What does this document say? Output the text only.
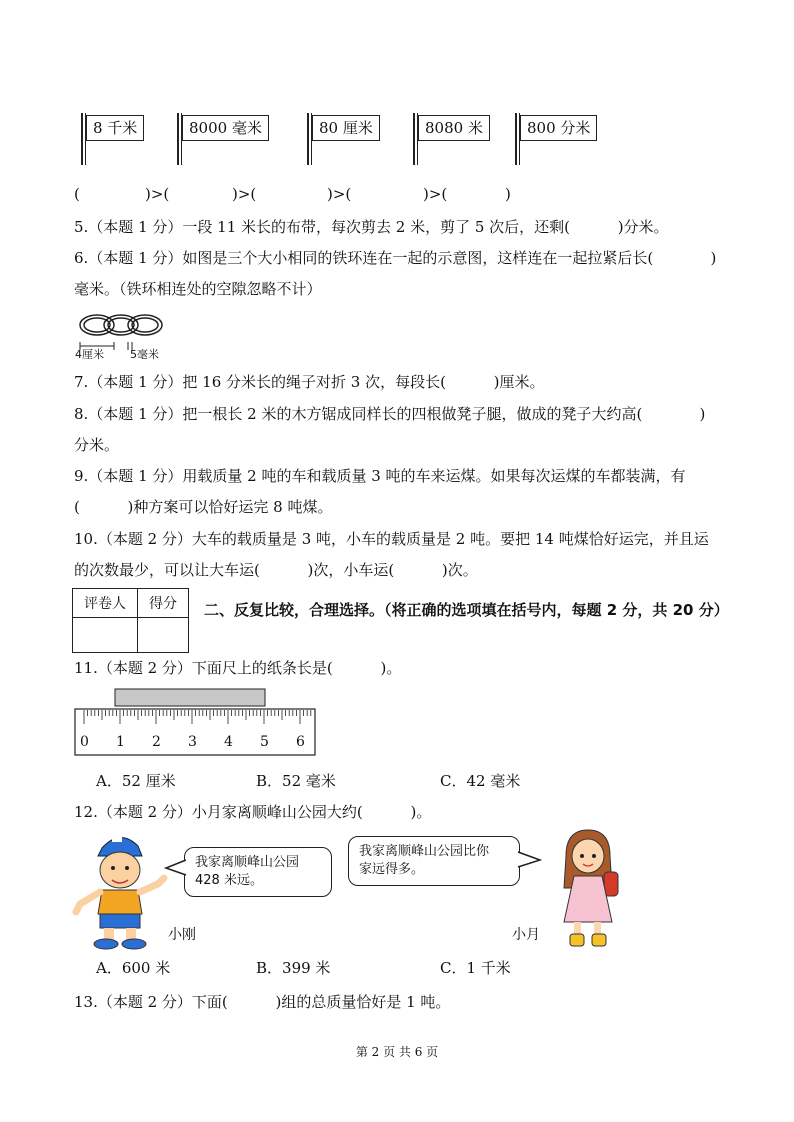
8 千米	8000 毫米	80 厘米	8080 米	800 分米
(	)>(	)>(	)>(	)>(	)
5.（本题 1 分）一段 11 米长的布带，每次剪去 2 米，剪了 5 次后，还剩(          )分米。
6.（本题 1 分）如图是三个大小相同的铁环连在一起的示意图，这样连在一起拉紧后长(            )
毫米。（铁环相连处的空隙忽略不计）
4厘米 5毫米
7.（本题 1 分）把 16 分米长的绳子对折 3 次，每段长(          )厘米。
8.（本题 1 分）把一根长 2 米的木方锯成同样长的四根做凳子腿，做成的凳子大约高(            )
分米。
9.（本题 1 分）用载质量 2 吨的车和载质量 3 吨的车来运煤。如果每次运煤的车都装满，有
(          )种方案可以恰好运完 8 吨煤。
10.（本题 2 分）大车的载质量是 3 吨，小车的载质量是 2 吨。要把 14 吨煤恰好运完，并且运
的次数最少，可以让大车运(          )次，小车运(          )次。
评卷人	得分
	二、反复比较，合理选择。（将正确的选项填在括号内，每题 2 分，共 20 分）
11.（本题 2 分）下面尺上的纸条长是(          )。
0 1 2 3 4 5 6
A．52 厘米	B．52 毫米	C．42 毫米
12.（本题 2 分）小月家离顺峰山公园大约(          )。
我家离顺峰山公园
428 米远。
小刚
我家离顺峰山公园比你
家远得多。
小月
A．600 米	B．399 米	C．1 千米
13.（本题 2 分）下面(          )组的总质量恰好是 1 吨。
第 2 页 共 6 页
